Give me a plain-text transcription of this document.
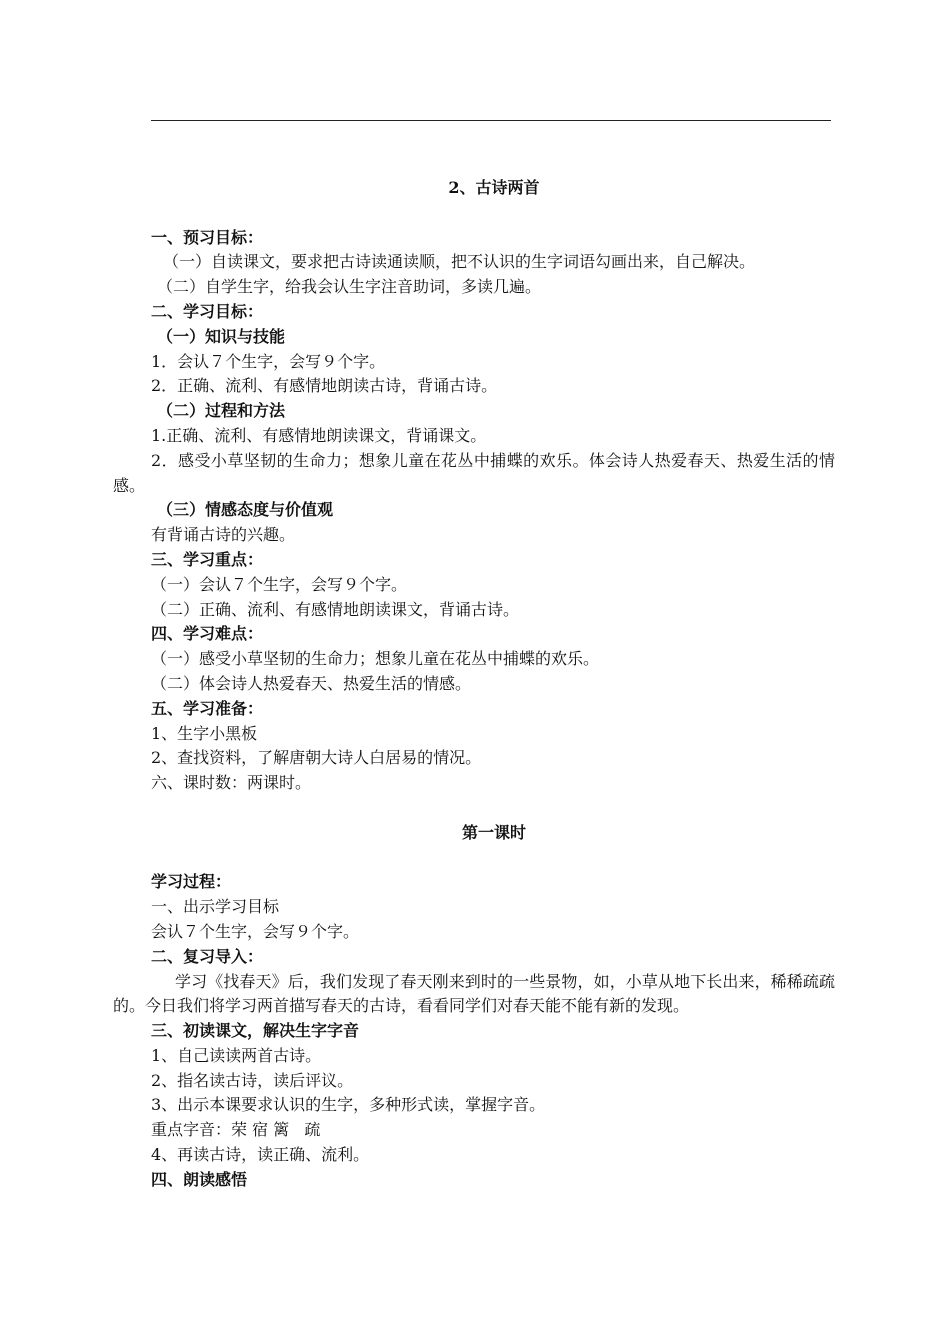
2、古诗两首
一、预习目标：
（一）自读课文，要求把古诗读通读顺，把不认识的生字词语勾画出来，自己解决。
（二）自学生字，给我会认生字注音助词，多读几遍。
二、学习目标：
（一）知识与技能
1．会认７个生字，会写９个字。
2．正确、流利、有感情地朗读古诗，背诵古诗。
（二）过程和方法
1.正确、流利、有感情地朗读课文，背诵课文。
2．感受小草坚韧的生命力；想象儿童在花丛中捕蝶的欢乐。体会诗人热爱春天、热爱生活的情感。
（三）情感态度与价值观
有背诵古诗的兴趣。
三、学习重点：
（一）会认７个生字，会写９个字。
（二）正确、流利、有感情地朗读课文，背诵古诗。
四、学习难点：
（一）感受小草坚韧的生命力；想象儿童在花丛中捕蝶的欢乐。
（二）体会诗人热爱春天、热爱生活的情感。
五、学习准备：
1、生字小黑板
2、查找资料，了解唐朝大诗人白居易的情况。
六、课时数：两课时。
第一课时
学习过程：
一、出示学习目标
会认７个生字，会写９个字。
二、复习导入：
学习《找春天》后，我们发现了春天刚来到时的一些景物，如，小草从地下长出来，稀稀疏疏的。今日我们将学习两首描写春天的古诗，看看同学们对春天能不能有新的发现。
三、初读课文，解决生字字音
1、自己读读两首古诗。
2、指名读古诗，读后评议。
3、出示本课要求认识的生字，多种形式读，掌握字音。
重点字音：荣 宿 篱   疏
4、再读古诗，读正确、流利。
四、朗读感悟
